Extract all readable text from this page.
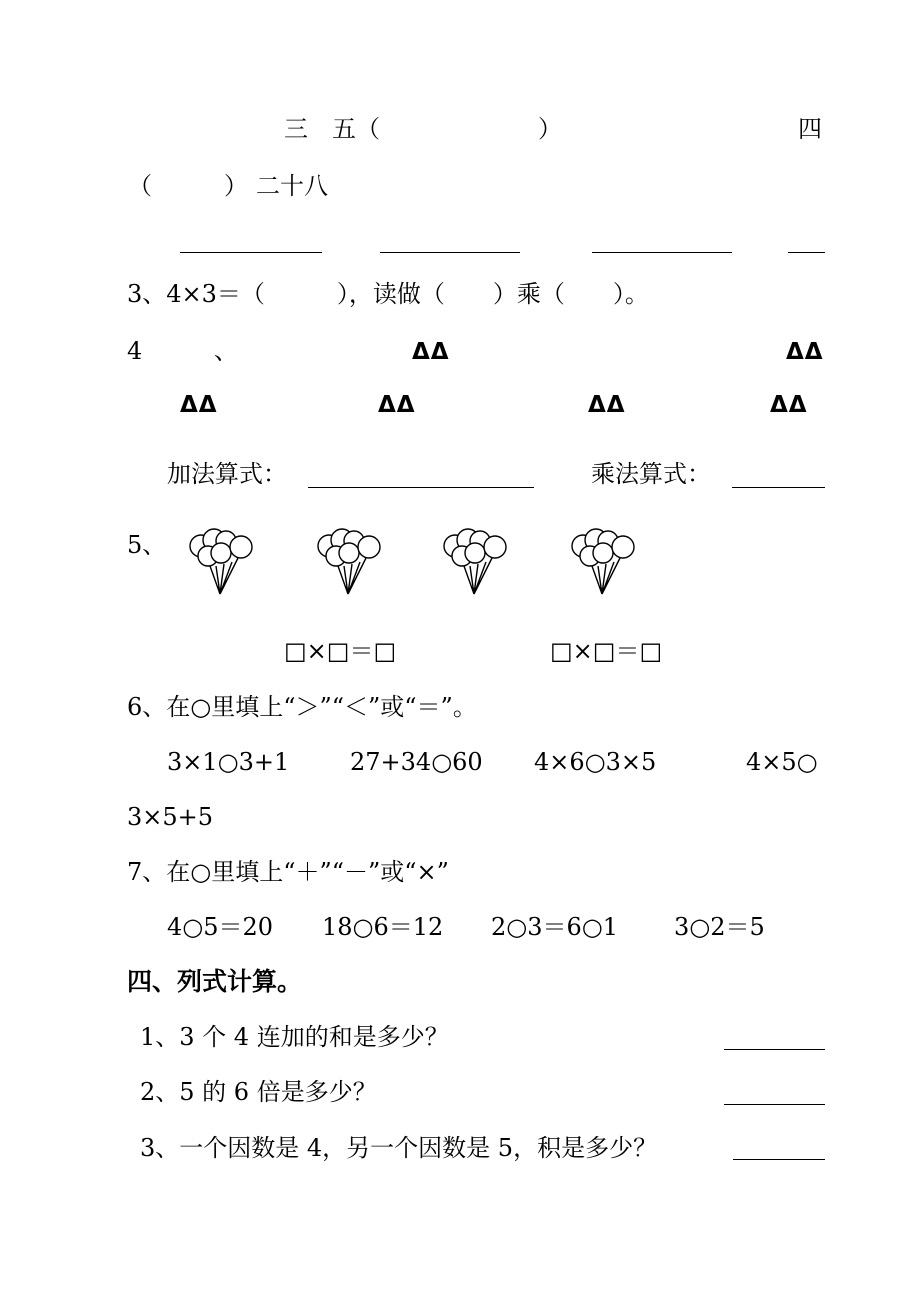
三　五（	）	四
（　　　） 二十八
3、4×3＝（　　　），读做（　　）乘（　　）。
4	、	ΔΔ	ΔΔ
ΔΔ	ΔΔ	ΔΔ	ΔΔ
加法算式：	乘法算式：
5、
□×□＝□	□×□＝□
6、在○里填上“＞”“＜”或“＝”。
3×1○3+1	27+34○60 4×6○3×5	4×5○
3×5+5
7、在○里填上“＋”“－”或“×”
4○5＝20 18○6＝12 2○3＝6○1 3○2＝5
四、列式计算。
1、3 个 4 连加的和是多少？
2、5 的 6 倍是多少？
3、一个因数是 4，另一个因数是 5，积是多少？
